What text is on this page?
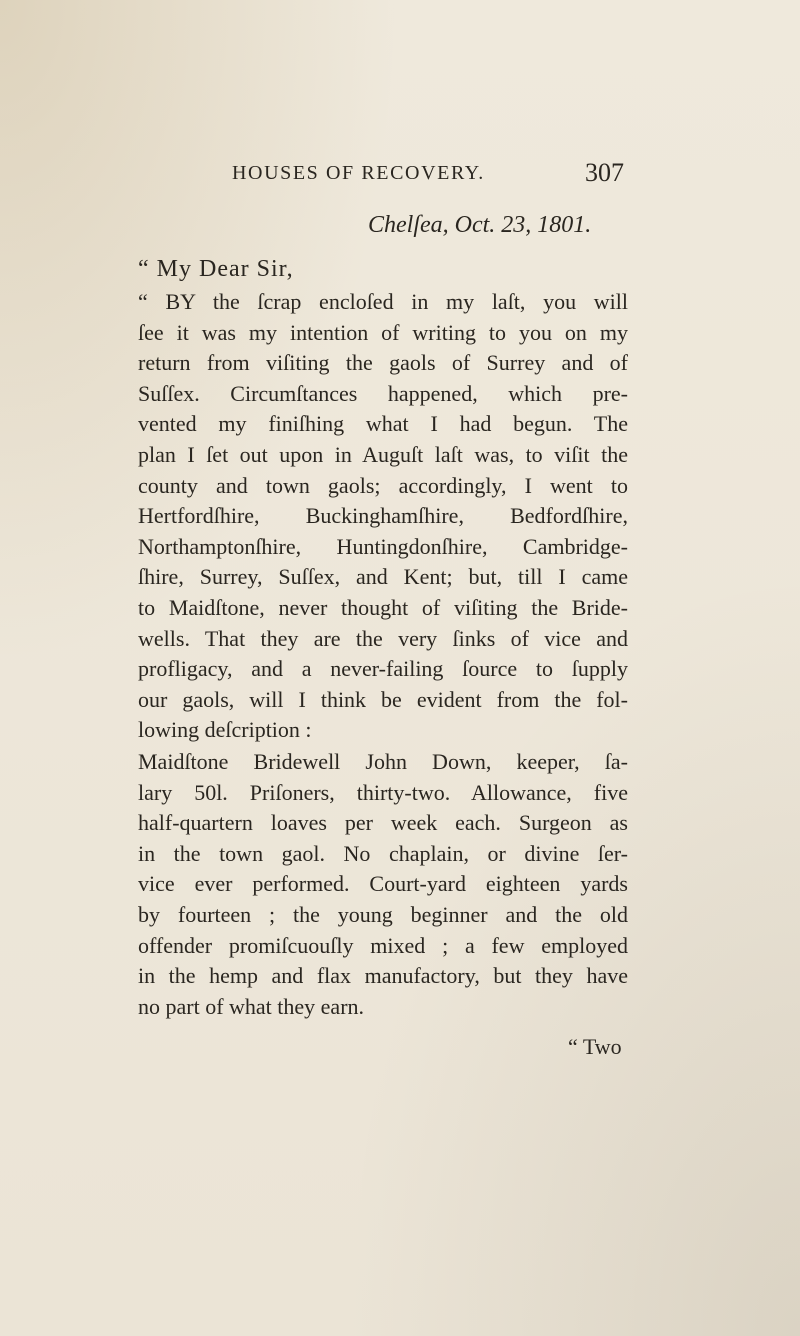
HOUSES OF RECOVERY.	307
Chelſea, Oct. 23, 1801.
“ My Dear Sir,
“ BY the ſcrap encloſed in my laſt, you will
ſee it was my intention of writing to you on my
return from viſiting the gaols of Surrey and of
Suſſex. Circumſtances happened, which pre-
vented my finiſhing what I had begun. The
plan I ſet out upon in Auguſt laſt was, to viſit the
county and town gaols; accordingly, I went to
Hertfordſhire, Buckinghamſhire, Bedfordſhire,
Northamptonſhire, Huntingdonſhire, Cambridge-
ſhire, Surrey, Suſſex, and Kent; but, till I came
to Maidſtone, never thought of viſiting the Bride-
wells. That they are the very ſinks of vice and
profligacy, and a never-failing ſource to ſupply
our gaols, will I think be evident from the fol-
lowing deſcription :
Maidſtone Bridewell John Down, keeper, ſa-
lary 50l. Priſoners, thirty-two. Allowance, five
half-quartern loaves per week each. Surgeon as
in the town gaol. No chaplain, or divine ſer-
vice ever performed. Court-yard eighteen yards
by fourteen ; the young beginner and the old
offender promiſcuouſly mixed ; a few employed
in the hemp and flax manufactory, but they have
no part of what they earn.
“ Two
